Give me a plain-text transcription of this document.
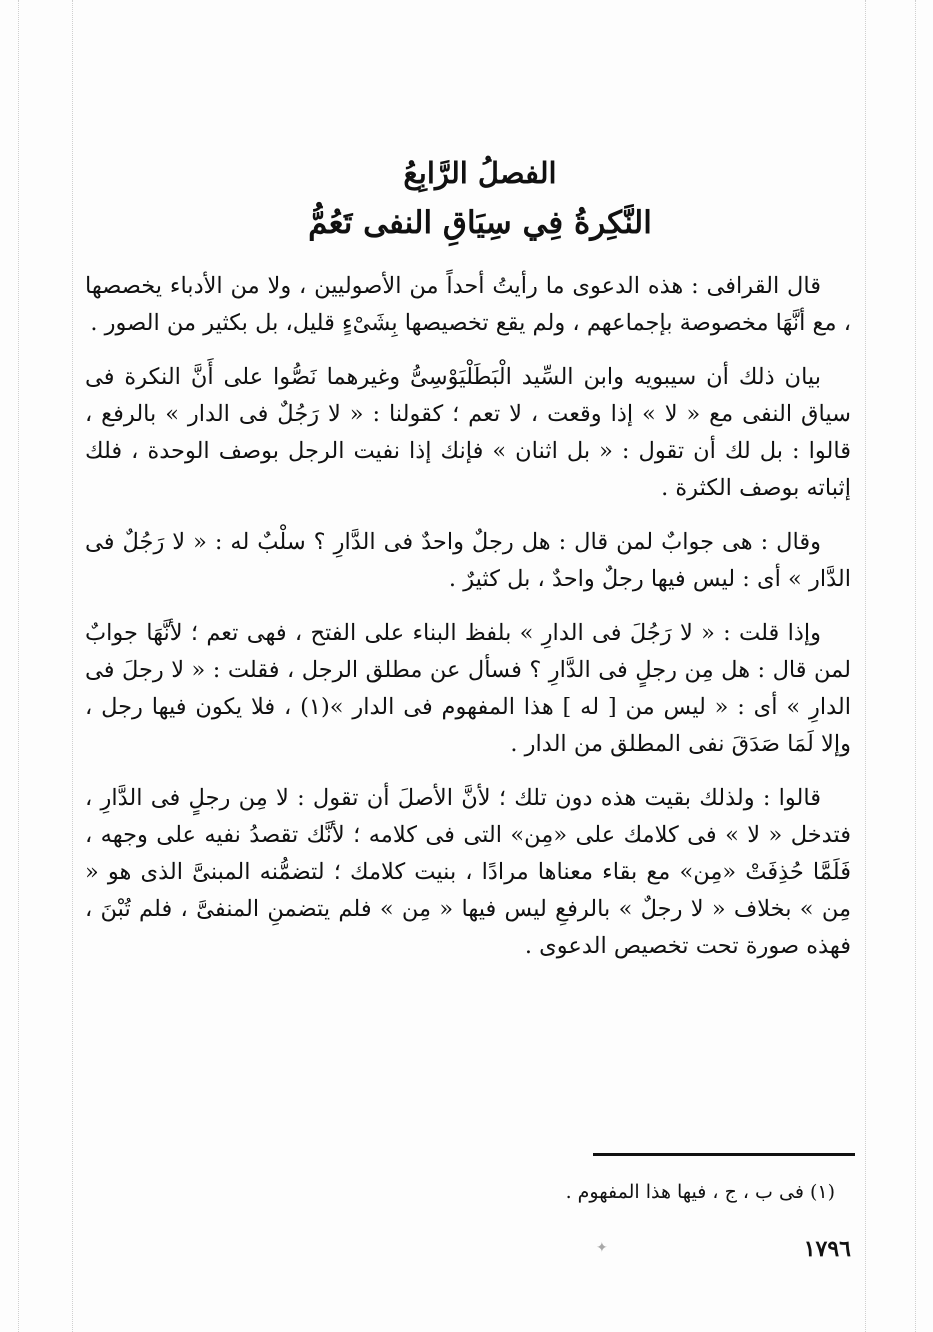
الفصلُ الرَّابِعُ
النَّكِرةُ فِي سِيَاقِ النفى تَعُمُّ

قال القرافى : هذه الدعوى ما رأيتُ أحداً من الأصوليين ، ولا من الأدباء يخصصها ، مع أنَّهَا مخصوصة بإجماعهم ، ولم يقع تخصيصها بِشَىْءٍ قليل، بل بكثير من الصور .

بيان ذلك أن سيبويه وابن السِّيد الْبَطَلْيَوْسِىُّ وغيرهما نَصُّوا على أَنَّ النكرة فى سياق النفى مع « لا » إذا وقعت ، لا تعم ؛ كقولنا : « لا رَجُلٌ فى الدار » بالرفع ، قالوا : بل لك أن تقول : « بل اثنان » فإنك إذا نفيت الرجل بوصف الوحدة ، فلك إثباته بوصف الكثرة .

وقال : هى جوابٌ لمن قال : هل رجلٌ واحدٌ فى الدَّارِ ؟ سلْبٌ له : « لا رَجُلٌ فى الدَّار » أى : ليس فيها رجلٌ واحدٌ ، بل كثيرٌ .

وإذا قلت : « لا رَجُلَ فى الدارِ » بلفظ البناء على الفتح ، فهى تعم ؛ لأنَّهَا جوابٌ لمن قال : هل مِن رجلٍ فى الدَّارِ ؟ فسأل عن مطلق الرجل ، فقلت : « لا رجلَ فى الدارِ » أى : « ليس من [ له ] هذا المفهوم فى الدار »(١) ، فلا يكون فيها رجل ، وإلا لَمَا صَدَقَ نفى المطلق من الدار .

قالوا : ولذلك بقيت هذه دون تلك ؛ لأنَّ الأصلَ أن تقول : لا مِن رجلٍ فى الدَّارِ ، فتدخل « لا » فى كلامك على «مِن» التى فى كلامه ؛ لأنَّك تقصدُ نفيه على وجهه ، فَلَمَّا حُذِفَتْ «مِن» مع بقاء معناها مرادًا ، بنيت كلامك ؛ لتضمُّنه المبنىَّ الذى هو « مِن » بخلاف « لا رجلٌ » بالرفعِ ليس فيها « مِن » فلم يتضمنِ المنفىَّ ، فلم تُبْنَ ، فهذه صورة تحت تخصيص الدعوى .

(١) فى ب ، ج ، فيها هذا المفهوم .
١٧٩٦
✦
